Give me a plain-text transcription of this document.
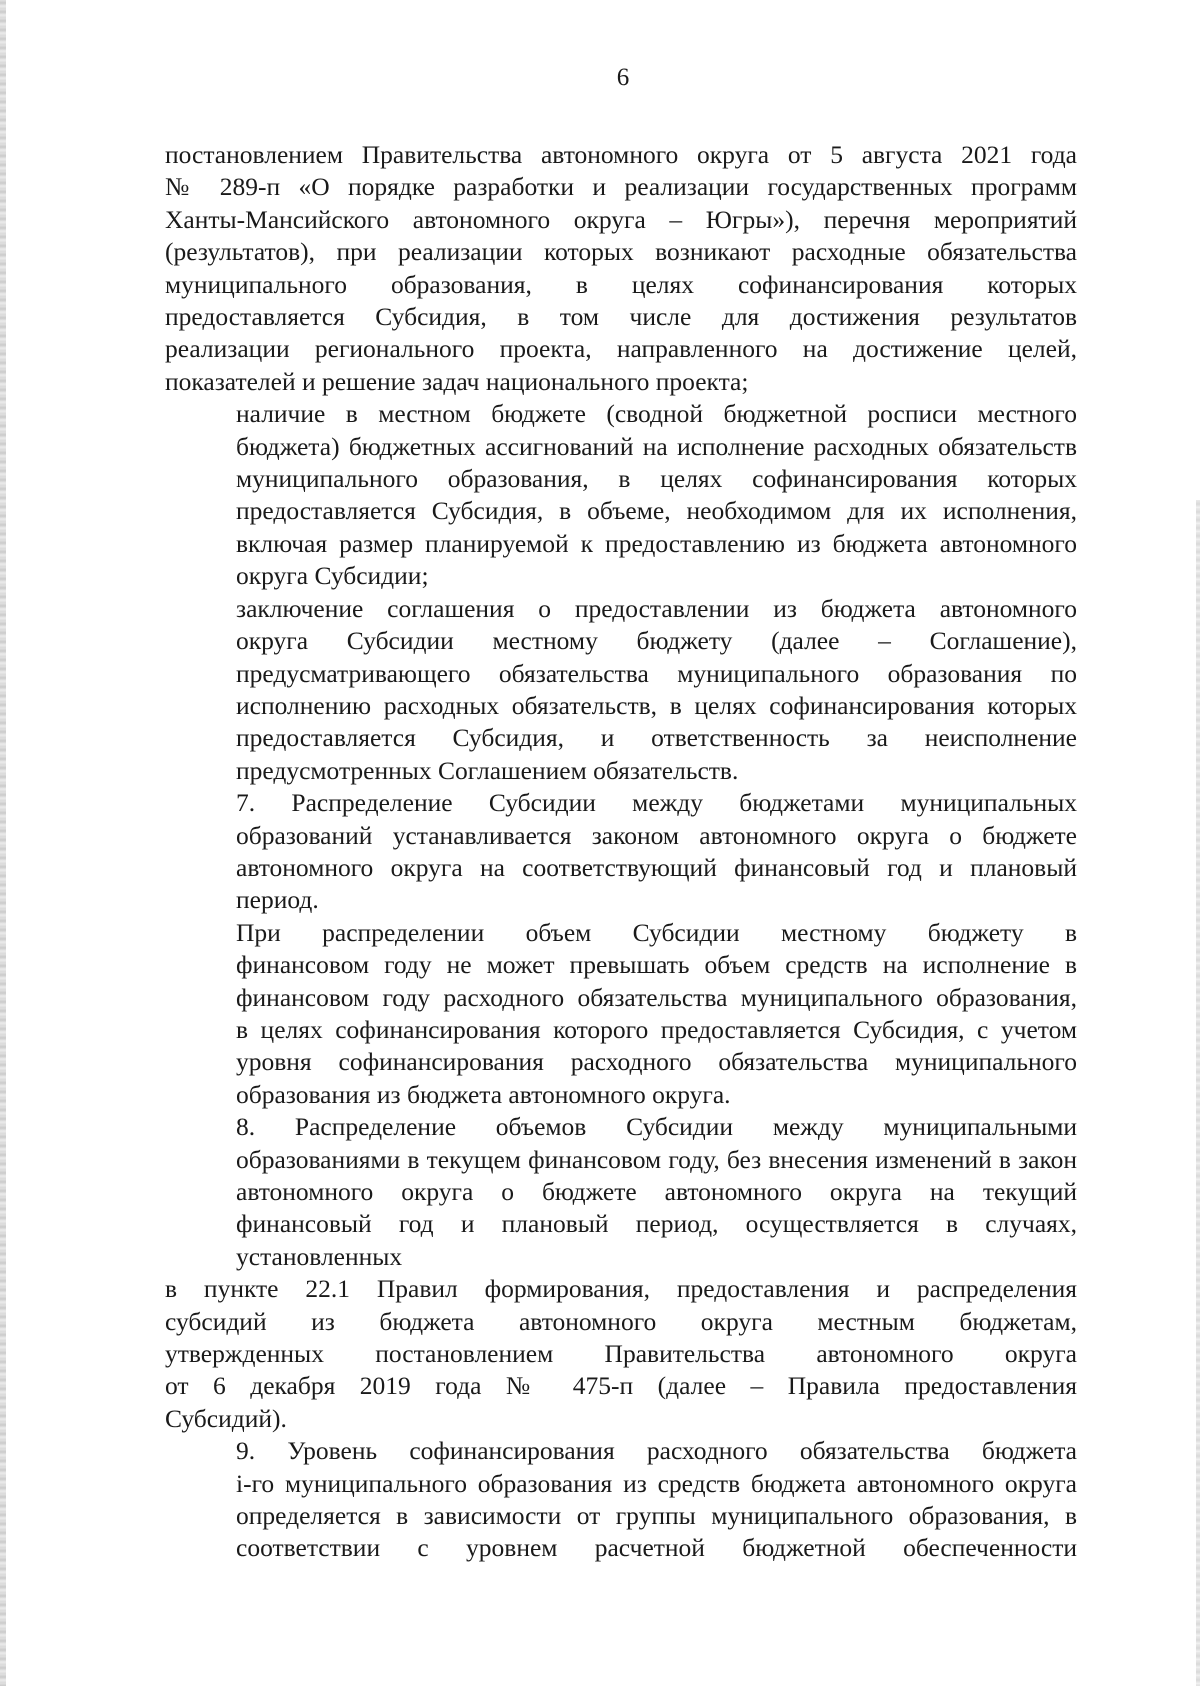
6

постановлением Правительства автономного округа от 5 августа 2021 года
№ 289-п «О порядке разработки и реализации государственных программ
Ханты-Мансийского автономного округа – Югры»), перечня мероприятий
(результатов), при реализации которых возникают расходные обязательства
муниципального образования, в целях софинансирования которых
предоставляется Субсидия, в том числе для достижения результатов
реализации регионального проекта, направленного на достижение целей,
показателей и решение задач национального проекта;

наличие в местном бюджете (сводной бюджетной росписи местного
бюджета) бюджетных ассигнований на исполнение расходных обязательств
муниципального образования, в целях софинансирования которых
предоставляется Субсидия, в объеме, необходимом для их исполнения,
включая размер планируемой к предоставлению из бюджета автономного
округа Субсидии;

заключение соглашения о предоставлении из бюджета автономного
округа Субсидии местному бюджету (далее – Соглашение),
предусматривающего обязательства муниципального образования по
исполнению расходных обязательств, в целях софинансирования которых
предоставляется Субсидия, и ответственность за неисполнение
предусмотренных Соглашением обязательств.

7. Распределение Субсидии между бюджетами муниципальных
образований устанавливается законом автономного округа о бюджете
автономного округа на соответствующий финансовый год и плановый
период.

При распределении объем Субсидии местному бюджету в
финансовом году не может превышать объем средств на исполнение в
финансовом году расходного обязательства муниципального образования,
в целях софинансирования которого предоставляется Субсидия, с учетом
уровня софинансирования расходного обязательства муниципального
образования из бюджета автономного округа.

8. Распределение объемов Субсидии между муниципальными
образованиями в текущем финансовом году, без внесения изменений в закон
автономного округа о бюджете автономного округа на текущий
финансовый год и плановый период, осуществляется в случаях,
установленных

в пункте 22.1 Правил формирования, предоставления и распределения
субсидий из бюджета автономного округа местным бюджетам,
утвержденных постановлением Правительства автономного округа
от 6 декабря 2019 года № 475-п (далее – Правила предоставления
Субсидий).

9. Уровень софинансирования расходного обязательства бюджета
i-го муниципального образования из средств бюджета автономного округа
определяется в зависимости от группы муниципального образования, в
соответствии с уровнем расчетной бюджетной обеспеченности
